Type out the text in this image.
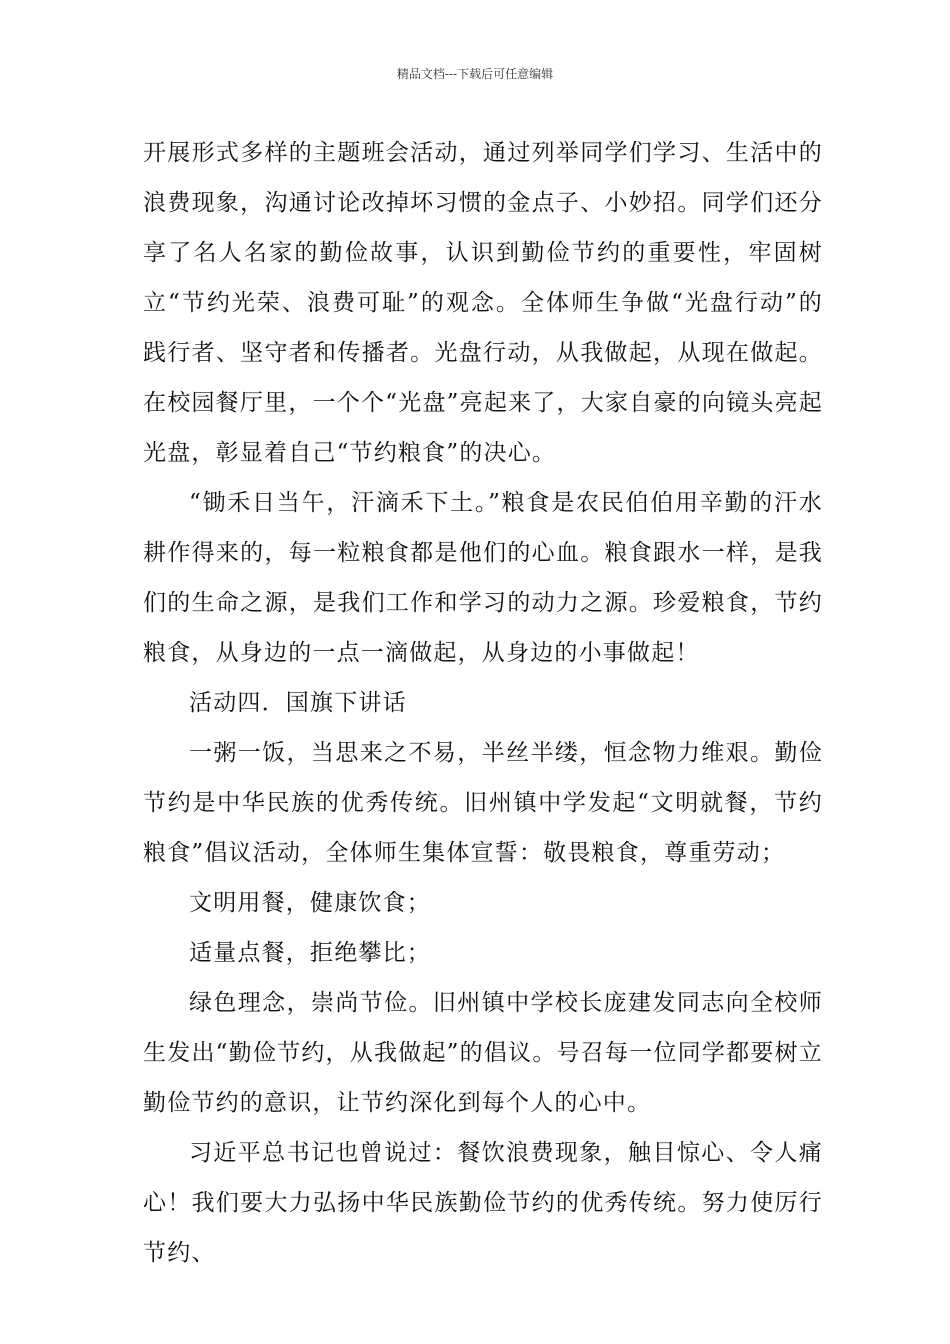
精品文档---下载后可任意编辑

开展形式多样的主题班会活动，通过列举同学们学习、生活中的浪费现象，沟通讨论改掉坏习惯的金点子、小妙招。同学们还分享了名人名家的勤俭故事，认识到勤俭节约的重要性，牢固树立“节约光荣、浪费可耻”的观念。全体师生争做“光盘行动”的践行者、坚守者和传播者。光盘行动，从我做起，从现在做起。在校园餐厅里，一个个“光盘”亮起来了，大家自豪的向镜头亮起光盘，彰显着自己“节约粮食”的决心。

“锄禾日当午，汗滴禾下土。”粮食是农民伯伯用辛勤的汗水耕作得来的，每一粒粮食都是他们的心血。粮食跟水一样，是我们的生命之源，是我们工作和学习的动力之源。珍爱粮食，节约粮食，从身边的一点一滴做起，从身边的小事做起！

活动四．国旗下讲话

一粥一饭，当思来之不易，半丝半缕，恒念物力维艰。勤俭节约是中华民族的优秀传统。旧州镇中学发起“文明就餐，节约粮食”倡议活动，全体师生集体宣誓：敬畏粮食，尊重劳动；

文明用餐，健康饮食；

适量点餐，拒绝攀比；

绿色理念，崇尚节俭。旧州镇中学校长庞建发同志向全校师生发出“勤俭节约，从我做起”的倡议。号召每一位同学都要树立勤俭节约的意识，让节约深化到每个人的心中。

习近平总书记也曾说过：餐饮浪费现象，触目惊心、令人痛心！我们要大力弘扬中华民族勤俭节约的优秀传统。努力使厉行节约、
